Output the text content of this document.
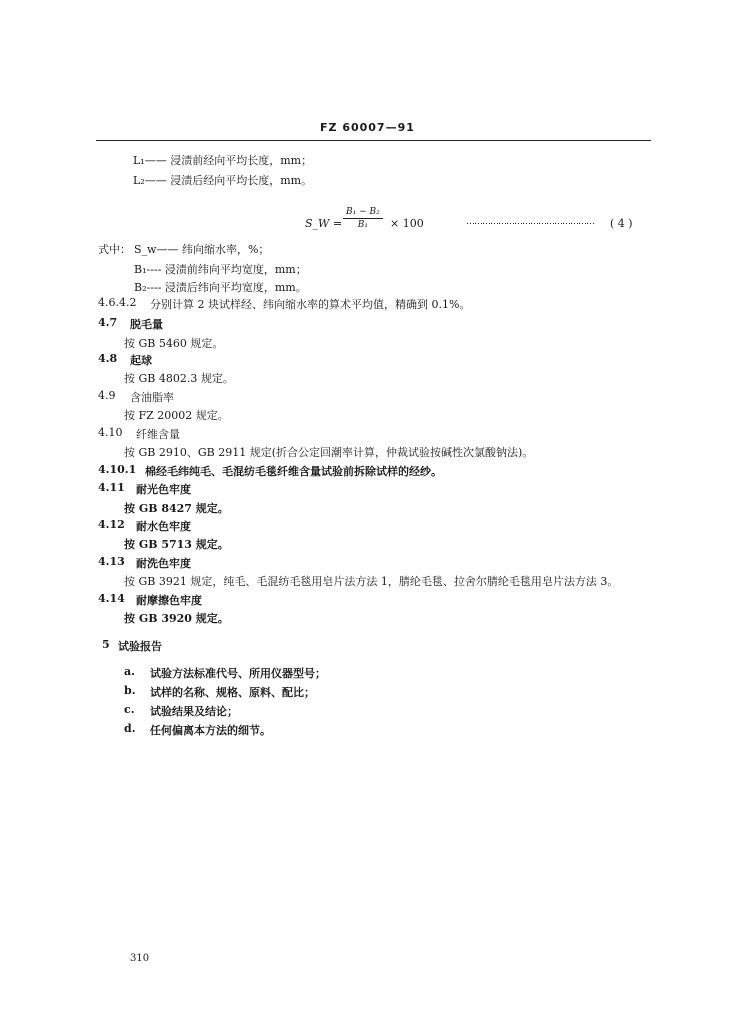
FZ 60007—91
L₁—— 浸渍前经向平均长度，mm；
L₂—— 浸渍后经向平均长度，mm。
S_W =
B₁ − B₂
B₁ × 100	………………………………………… ( 4 )
式中： S_w—— 纬向缩水率，%；
B₁---- 浸渍前纬向平均宽度，mm；
B₂---- 浸渍后纬向平均宽度，mm。
4.6.4.2 分别计算 2 块试样经、纬向缩水率的算术平均值，精确到 0.1%。
4.7 脱毛量
按 GB 5460 规定。
4.8 起球
按 GB 4802.3 规定。
4.9 含油脂率
按 FZ 20002 规定。
4.10 纤维含量
按 GB 2910、GB 2911 规定(折合公定回潮率计算，仲裁试验按碱性次氯酸钠法)。
4.10.1 棉经毛纬纯毛、毛混纺毛毯纤维含量试验前拆除试样的经纱。
4.11 耐光色牢度
按 GB 8427 规定。
4.12 耐水色牢度
按 GB 5713 规定。
4.13 耐洗色牢度
按 GB 3921 规定，纯毛、毛混纺毛毯用皂片法方法 1，腈纶毛毯、拉舍尔腈纶毛毯用皂片法方法 3。
4.14 耐摩擦色牢度
按 GB 3920 规定。
5 试验报告
a. 试验方法标准代号、所用仪器型号；
b. 试样的名称、规格、原料、配比；
c. 试验结果及结论；
d. 任何偏离本方法的细节。
310
